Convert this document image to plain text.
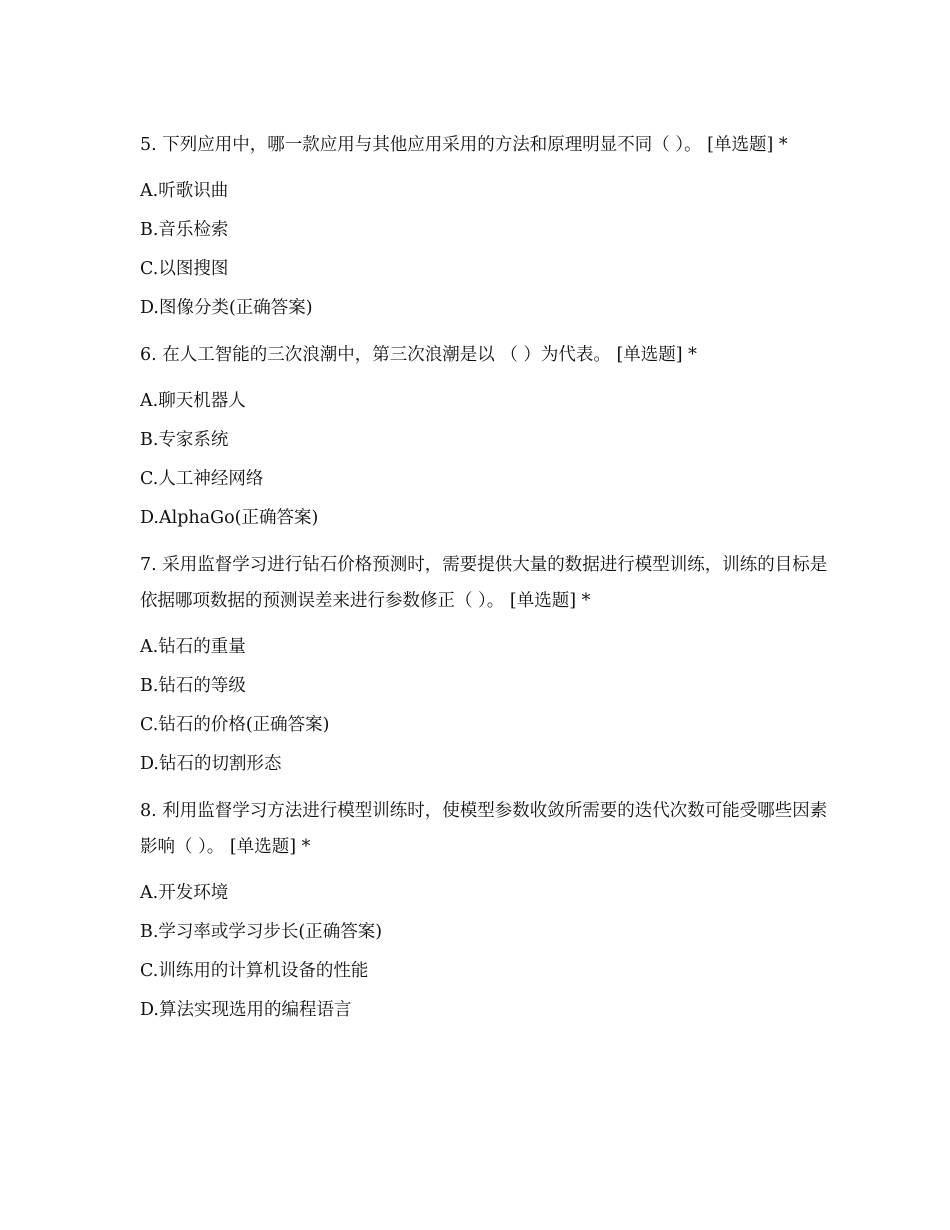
5. 下列应用中，哪一款应用与其他应用采用的方法和原理明显不同（ ）。 [单选题] *

A.听歌识曲

B.音乐检索

C.以图搜图

D.图像分类(正确答案)

6. 在人工智能的三次浪潮中，第三次浪潮是以 （ ）为代表。 [单选题] *

A.聊天机器人

B.专家系统

C.人工神经网络

D.AlphaGo(正确答案)

7. 采用监督学习进行钻石价格预测时，需要提供大量的数据进行模型训练，训练的目标是依据哪项数据的预测误差来进行参数修正（ ）。 [单选题] *

A.钻石的重量

B.钻石的等级

C.钻石的价格(正确答案)

D.钻石的切割形态

8. 利用监督学习方法进行模型训练时，使模型参数收敛所需要的迭代次数可能受哪些因素影响（ ）。 [单选题] *

A.开发环境

B.学习率或学习步长(正确答案)

C.训练用的计算机设备的性能

D.算法实现选用的编程语言
